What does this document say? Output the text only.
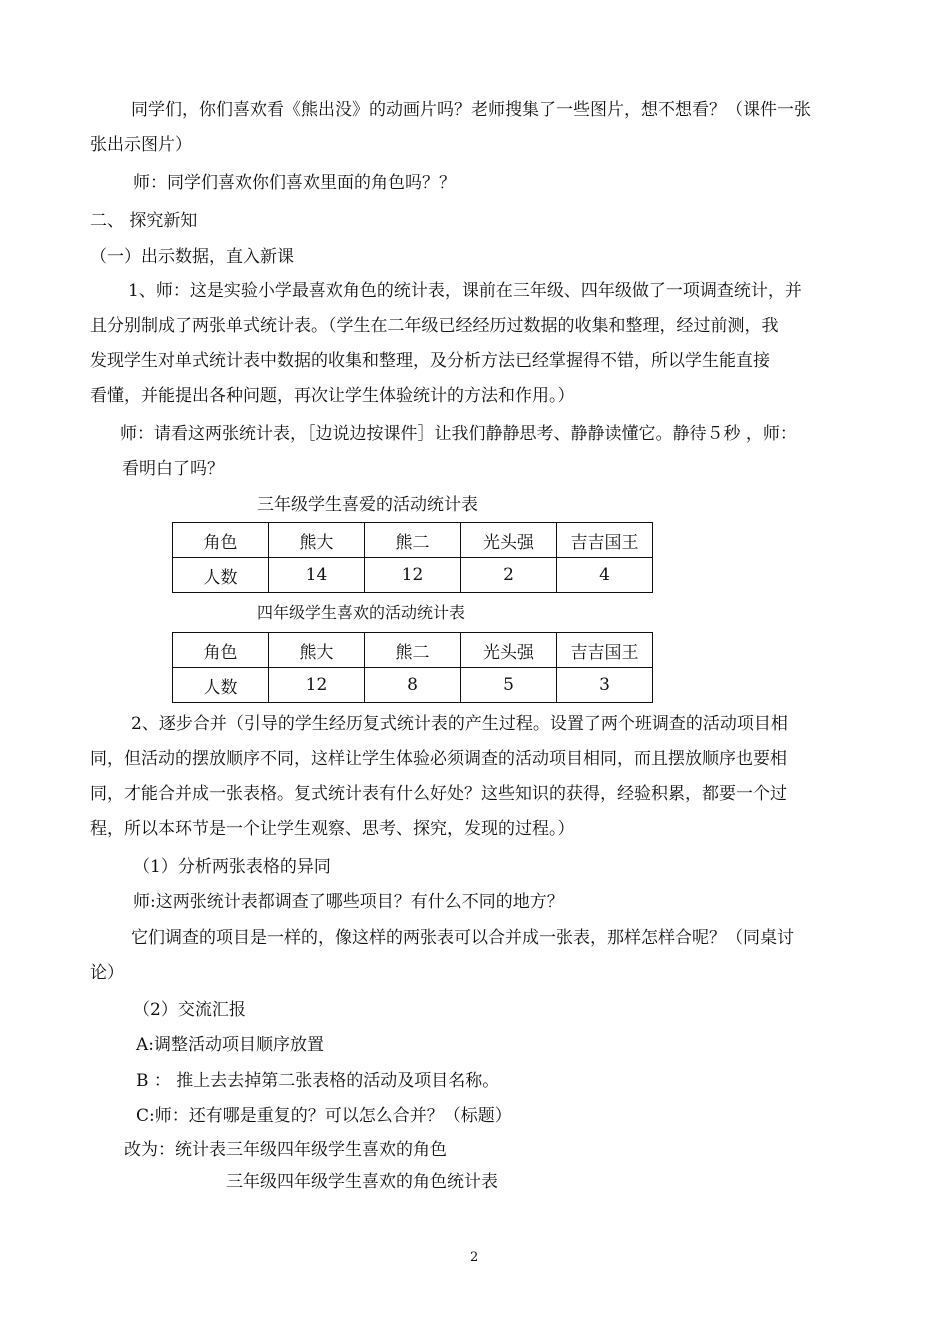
同学们，你们喜欢看《熊出没》的动画片吗？老师搜集了一些图片，想不想看？（课件一张
张出示图片）
师：同学们喜欢你们喜欢里面的角色吗？？
二、 探究新知
（一）出示数据，直入新课
1、师：这是实验小学最喜欢角色的统计表，课前在三年级、四年级做了一项调查统计，并
且分别制成了两张单式统计表。（学生在二年级已经经历过数据的收集和整理，经过前测，我
发现学生对单式统计表中数据的收集和整理，及分析方法已经掌握得不错，所以学生能直接
看懂，并能提出各种问题，再次让学生体验统计的方法和作用。）
师：请看这两张统计表，［边说边按课件］让我们静静思考、静静读懂它。静待５秒 ，师：
看明白了吗？
三年级学生喜爱的活动统计表
角色	熊大	熊二	光头强	吉吉国王
人数	14	12	2	4
四年级学生喜欢的活动统计表
角色	熊大	熊二	光头强	吉吉国王
人数	12	8	5	3
2、逐步合并（引导的学生经历复式统计表的产生过程。设置了两个班调查的活动项目相
同，但活动的摆放顺序不同，这样让学生体验必须调查的活动项目相同，而且摆放顺序也要相
同，才能合并成一张表格。复式统计表有什么好处？这些知识的获得，经验积累，都要一个过
程，所以本环节是一个让学生观察、思考、探究，发现的过程。）
（1）分析两张表格的异同
师:这两张统计表都调查了哪些项目？有什么不同的地方？
它们调查的项目是一样的，像这样的两张表可以合并成一张表，那样怎样合呢？（同桌讨
论）
（2）交流汇报
A:调整活动项目顺序放置
B ： 推上去去掉第二张表格的活动及项目名称。
C:师：还有哪是重复的？可以怎么合并？（标题）
改为：统计表三年级四年级学生喜欢的角色
三年级四年级学生喜欢的角色统计表
2
